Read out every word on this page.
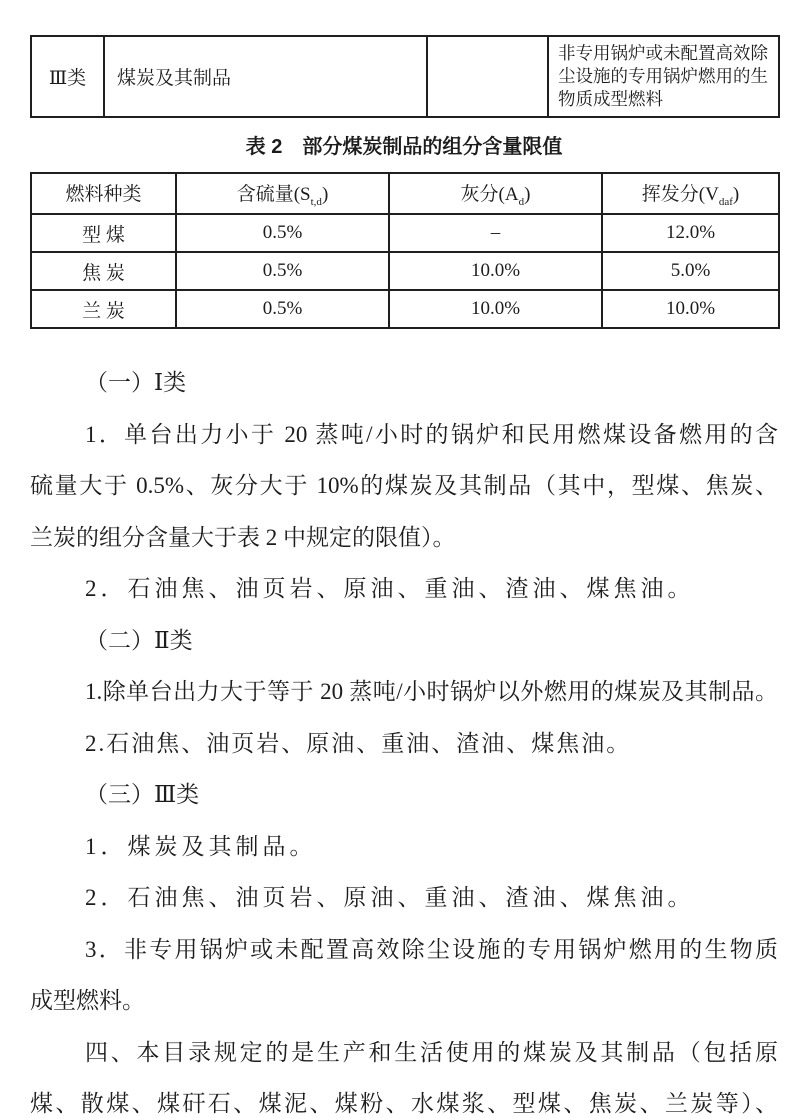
Ⅲ类	煤炭及其制品		非专用锅炉或未配置高效除尘设施的专用锅炉燃用的生物质成型燃料
表 2　部分煤炭制品的组分含量限值
燃料种类	含硫量$(S_{t,d})$	灰分$(A_d)$	挥发分$(V_{daf})$
型 煤	0.5%	–	12.0%
焦 炭	0.5%	10.0%	5.0%
兰 炭	0.5%	10.0%	10.0%
（一）Ⅰ类
1．单台出力小于 20 蒸吨/小时的锅炉和民用燃煤设备燃用的含
硫量大于 0.5%、灰分大于 10%的煤炭及其制品（其中，型煤、焦炭、
兰炭的组分含量大于表 2 中规定的限值）。
2．石油焦、油页岩、原油、重油、渣油、煤焦油。
（二）Ⅱ类
1.除单台出力大于等于 20 蒸吨/小时锅炉以外燃用的煤炭及其制品。
2.石油焦、油页岩、原油、重油、渣油、煤焦油。
（三）Ⅲ类
1．煤炭及其制品。
2．石油焦、油页岩、原油、重油、渣油、煤焦油。
3．非专用锅炉或未配置高效除尘设施的专用锅炉燃用的生物质
成型燃料。
四、本目录规定的是生产和生活使用的煤炭及其制品（包括原
煤、散煤、煤矸石、煤泥、煤粉、水煤浆、型煤、焦炭、兰炭等）、
